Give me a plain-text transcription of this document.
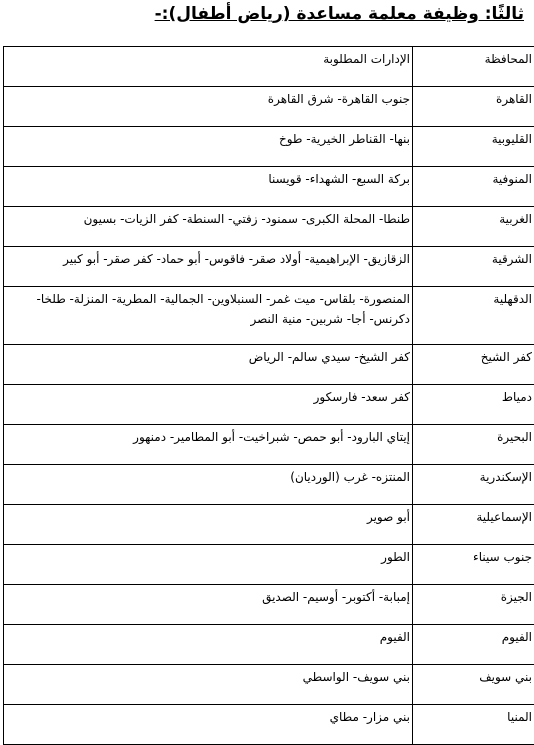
ثالثًا: وظيفة معلمة مساعدة (رياض أطفال):-
المحافظة	الإدارات المطلوبة
القاهرة	جنوب القاهرة- شرق القاهرة
القليوبية	بنها- القناطر الخيرية- طوخ
المنوفية	بركة السبع- الشهداء- قويسنا
الغربية	طنطا- المحلة الكبرى- سمنود- زفتي- السنطة- كفر الزيات- بسيون
الشرقية	الزقازيق- الإبراهيمية- أولاد صقر- فاقوس- أبو حماد- كفر صقر- أبو كبير
الدقهلية	المنصورة- بلقاس- ميت غمر- السنبلاوين- الجمالية- المطرية- المنزلة- طلخا- دكرنس- أجا- شربين- منية النصر
كفر الشيخ	كفر الشيخ- سيدي سالم- الرياض
دمياط	كفر سعد- فارسكور
البحيرة	إيتاي البارود- أبو حمص- شبراخيت- أبو المطامير- دمنهور
الإسكندرية	المنتزه- غرب (الورديان)
الإسماعيلية	أبو صوير
جنوب سيناء	الطور
الجيزة	إمبابة- أكتوبر- أوسيم- الصديق
الفيوم	الفيوم
بني سويف	بني سويف- الواسطي
المنيا	بني مزار- مطاي
